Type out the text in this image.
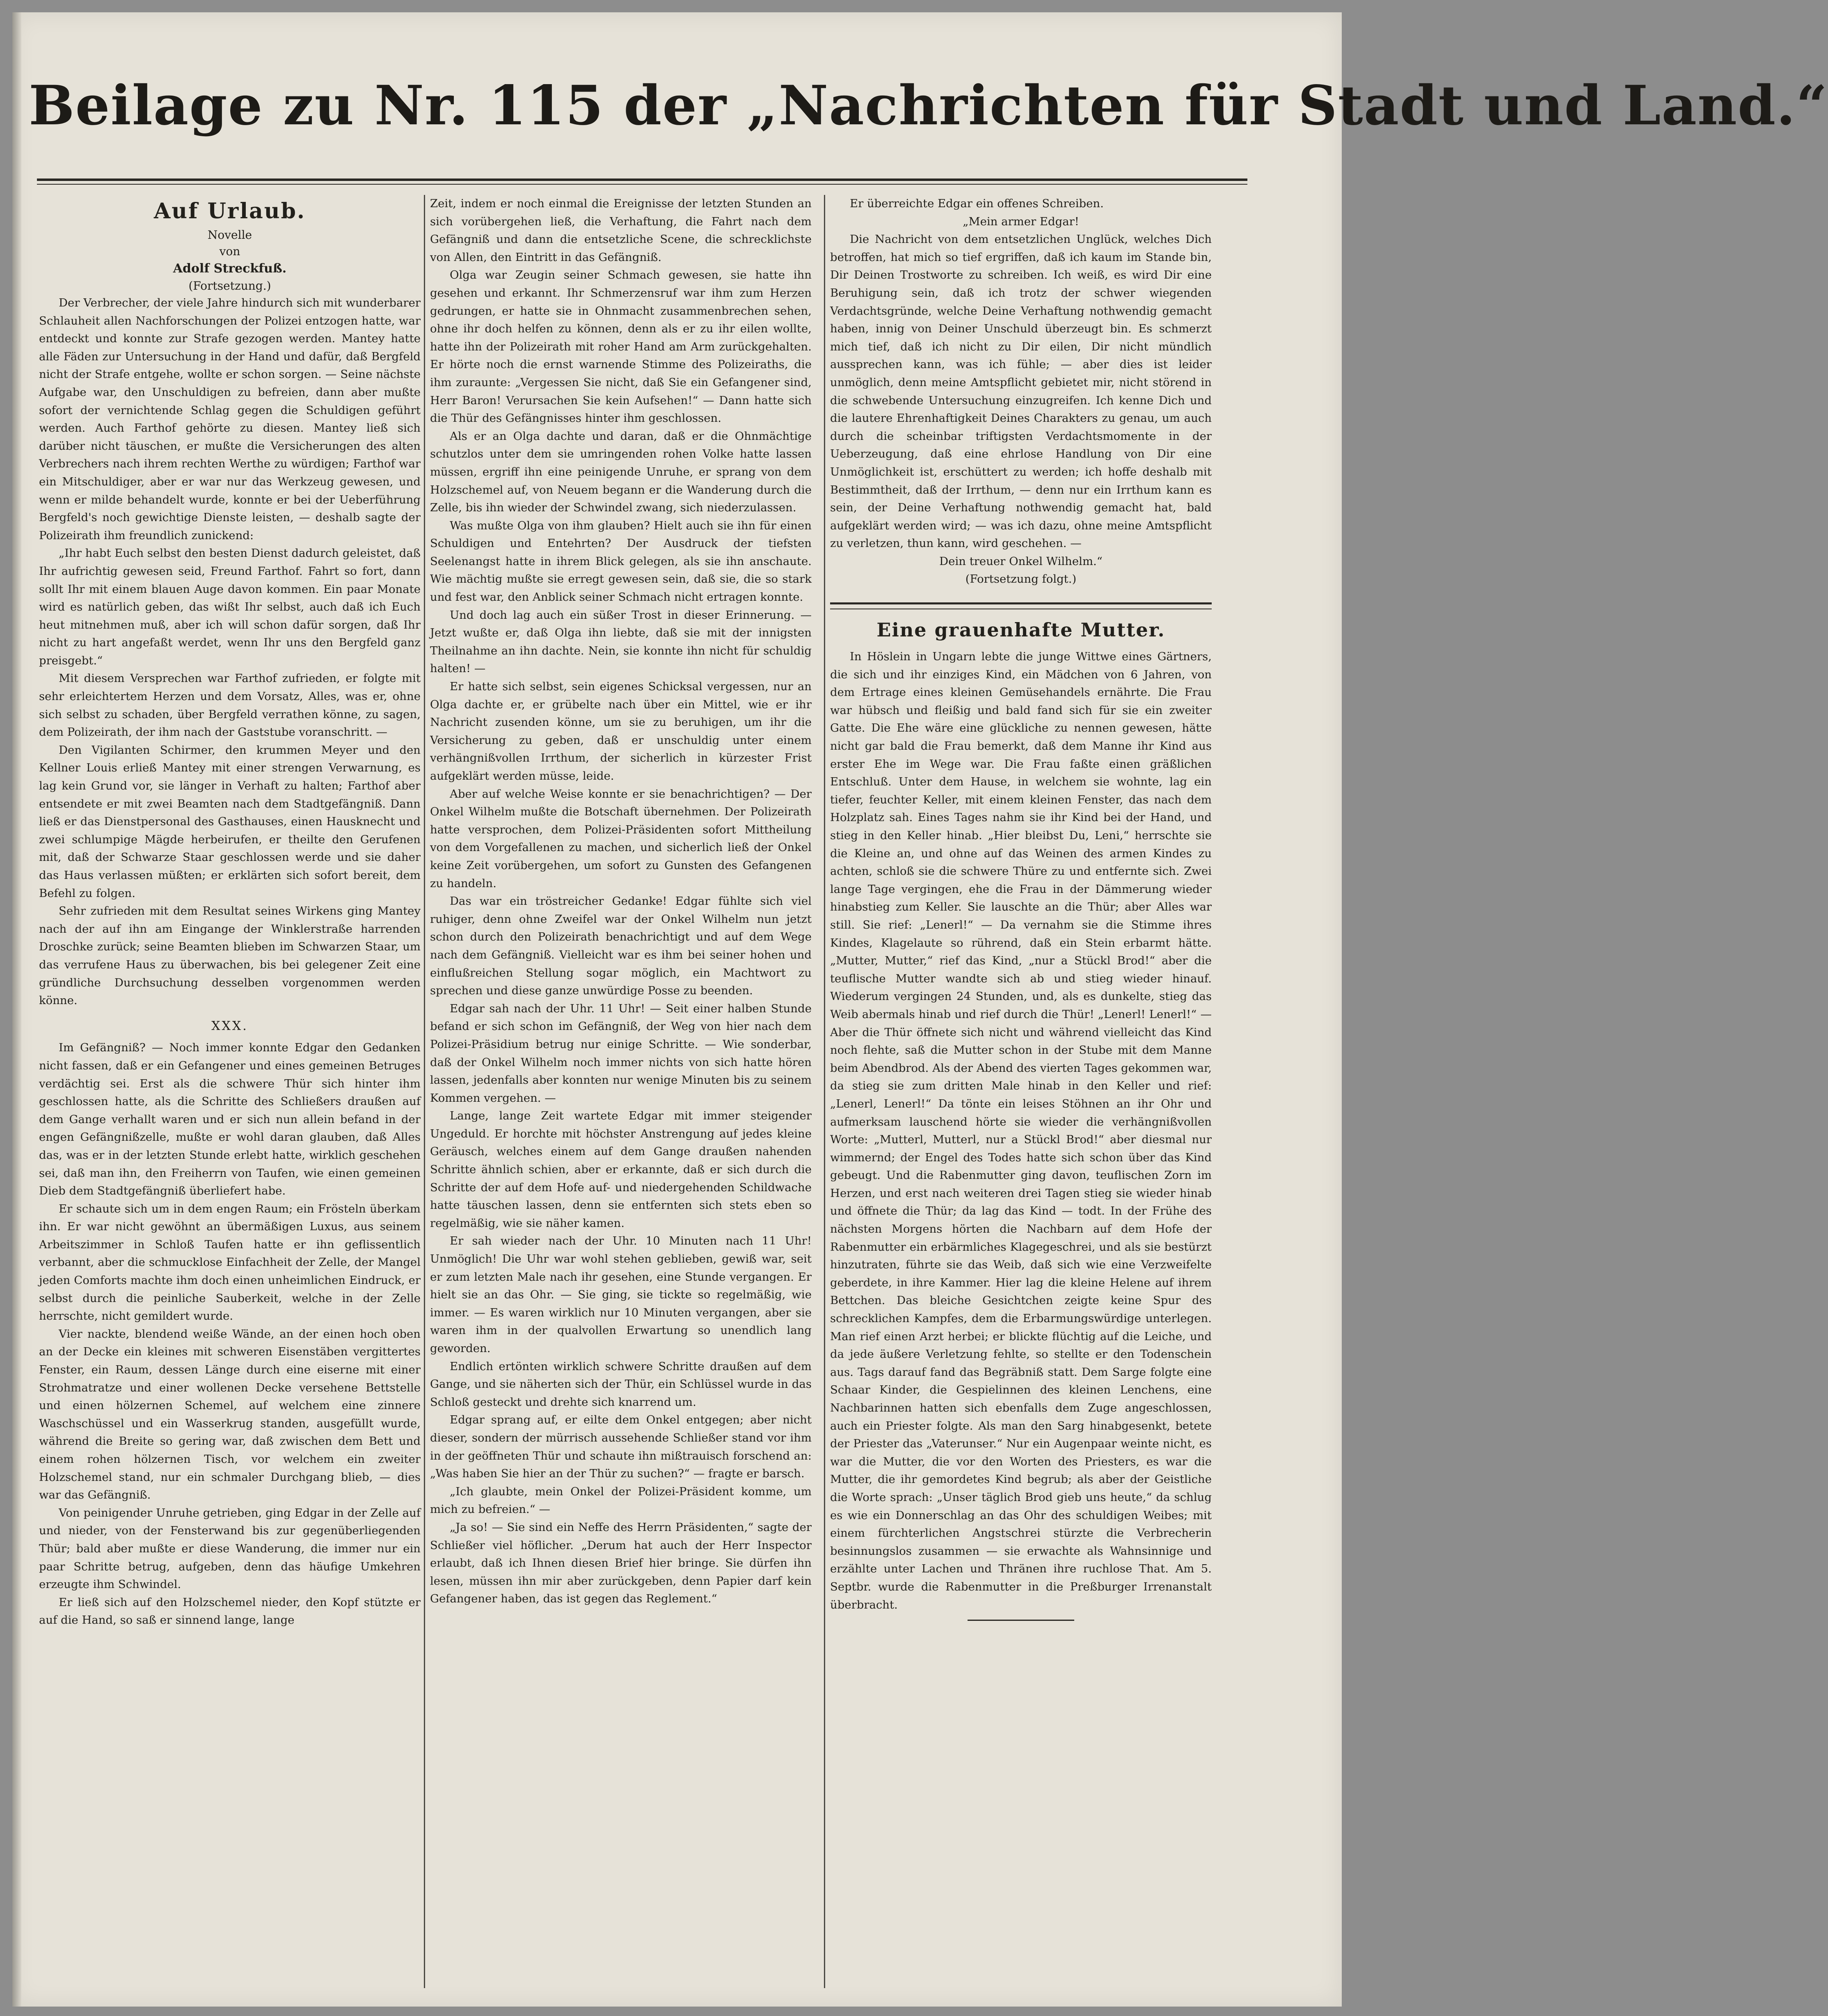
Beilage zu Nr. 115 der „Nachrichten für Stadt und Land.“
Auf Urlaub.
Novelle
von
Adolf Streckfuß.
(Fortsetzung.)

Der Verbrecher, der viele Jahre hindurch sich mit wunderbarer Schlauheit allen Nachforschungen der Polizei entzogen hatte, war entdeckt und konnte zur Strafe gezogen werden. Mantey hatte alle Fäden zur Untersuchung in der Hand und dafür, daß Bergfeld nicht der Strafe entgehe, wollte er schon sorgen. — Seine nächste Aufgabe war, den Unschuldigen zu befreien, dann aber mußte sofort der vernichtende Schlag gegen die Schuldigen geführt werden. Auch Farthof gehörte zu diesen. Mantey ließ sich darüber nicht täuschen, er mußte die Versicherungen des alten Verbrechers nach ihrem rechten Werthe zu würdigen; Farthof war ein Mitschuldiger, aber er war nur das Werkzeug gewesen, und wenn er milde behandelt wurde, konnte er bei der Ueberführung Bergfeld's noch gewichtige Dienste leisten, — deshalb sagte der Polizeirath ihm freundlich zunickend:

„Ihr habt Euch selbst den besten Dienst dadurch geleistet, daß Ihr aufrichtig gewesen seid, Freund Farthof. Fahrt so fort, dann sollt Ihr mit einem blauen Auge davon kommen. Ein paar Monate wird es natürlich geben, das wißt Ihr selbst, auch daß ich Euch heut mitnehmen muß, aber ich will schon dafür sorgen, daß Ihr nicht zu hart angefaßt werdet, wenn Ihr uns den Bergfeld ganz preisgebt.“

Mit diesem Versprechen war Farthof zufrieden, er folgte mit sehr erleichtertem Herzen und dem Vorsatz, Alles, was er, ohne sich selbst zu schaden, über Bergfeld verrathen könne, zu sagen, dem Polizeirath, der ihm nach der Gaststube voranschritt. —

Den Vigilanten Schirmer, den krummen Meyer und den Kellner Louis erließ Mantey mit einer strengen Verwarnung, es lag kein Grund vor, sie länger in Verhaft zu halten; Farthof aber entsendete er mit zwei Beamten nach dem Stadtgefängniß. Dann ließ er das Dienstpersonal des Gasthauses, einen Hausknecht und zwei schlumpige Mägde herbeirufen, er theilte den Gerufenen mit, daß der Schwarze Staar geschlossen werde und sie daher das Haus verlassen müßten; er erklärten sich sofort bereit, dem Befehl zu folgen.

Sehr zufrieden mit dem Resultat seines Wirkens ging Mantey nach der auf ihn am Eingange der Winklerstraße harrenden Droschke zurück; seine Beamten blieben im Schwarzen Staar, um das verrufene Haus zu überwachen, bis bei gelegener Zeit eine gründliche Durchsuchung desselben vorgenommen werden könne.

XXX.

Im Gefängniß? — Noch immer konnte Edgar den Gedanken nicht fassen, daß er ein Gefangener und eines gemeinen Betruges verdächtig sei. Erst als die schwere Thür sich hinter ihm geschlossen hatte, als die Schritte des Schließers draußen auf dem Gange verhallt waren und er sich nun allein befand in der engen Gefängnißzelle, mußte er wohl daran glauben, daß Alles das, was er in der letzten Stunde erlebt hatte, wirklich geschehen sei, daß man ihn, den Freiherrn von Taufen, wie einen gemeinen Dieb dem Stadtgefängniß überliefert habe.

Er schaute sich um in dem engen Raum; ein Frösteln überkam ihn. Er war nicht gewöhnt an übermäßigen Luxus, aus seinem Arbeitszimmer in Schloß Taufen hatte er ihn geflissentlich verbannt, aber die schmucklose Einfachheit der Zelle, der Mangel jeden Comforts machte ihm doch einen unheimlichen Eindruck, er selbst durch die peinliche Sauberkeit, welche in der Zelle herrschte, nicht gemildert wurde.

Vier nackte, blendend weiße Wände, an der einen hoch oben an der Decke ein kleines mit schweren Eisenstäben vergittertes Fenster, ein Raum, dessen Länge durch eine eiserne mit einer Strohmatratze und einer wollenen Decke versehene Bettstelle und einen hölzernen Schemel, auf welchem eine zinnere Waschschüssel und ein Wasserkrug standen, ausgefüllt wurde, während die Breite so gering war, daß zwischen dem Bett und einem rohen hölzernen Tisch, vor welchem ein zweiter Holzschemel stand, nur ein schmaler Durchgang blieb, — dies war das Gefängniß.

Von peinigender Unruhe getrieben, ging Edgar in der Zelle auf und nieder, von der Fensterwand bis zur gegenüberliegenden Thür; bald aber mußte er diese Wanderung, die immer nur ein paar Schritte betrug, aufgeben, denn das häufige Umkehren erzeugte ihm Schwindel.

Er ließ sich auf den Holzschemel nieder, den Kopf stützte er auf die Hand, so saß er sinnend lange, lange

Zeit, indem er noch einmal die Ereignisse der letzten Stunden an sich vorübergehen ließ, die Verhaftung, die Fahrt nach dem Gefängniß und dann die entsetzliche Scene, die schrecklichste von Allen, den Eintritt in das Gefängniß.

Olga war Zeugin seiner Schmach gewesen, sie hatte ihn gesehen und erkannt. Ihr Schmerzensruf war ihm zum Herzen gedrungen, er hatte sie in Ohnmacht zusammenbrechen sehen, ohne ihr doch helfen zu können, denn als er zu ihr eilen wollte, hatte ihn der Polizeirath mit roher Hand am Arm zurückgehalten. Er hörte noch die ernst warnende Stimme des Polizeiraths, die ihm zuraunte: „Vergessen Sie nicht, daß Sie ein Gefangener sind, Herr Baron! Verursachen Sie kein Aufsehen!“ — Dann hatte sich die Thür des Gefängnisses hinter ihm geschlossen.

Als er an Olga dachte und daran, daß er die Ohnmächtige schutzlos unter dem sie umringenden rohen Volke hatte lassen müssen, ergriff ihn eine peinigende Unruhe, er sprang von dem Holzschemel auf, von Neuem begann er die Wanderung durch die Zelle, bis ihn wieder der Schwindel zwang, sich niederzulassen.

Was mußte Olga von ihm glauben? Hielt auch sie ihn für einen Schuldigen und Entehrten? Der Ausdruck der tiefsten Seelenangst hatte in ihrem Blick gelegen, als sie ihn anschaute. Wie mächtig mußte sie erregt gewesen sein, daß sie, die so stark und fest war, den Anblick seiner Schmach nicht ertragen konnte.

Und doch lag auch ein süßer Trost in dieser Erinnerung. — Jetzt wußte er, daß Olga ihn liebte, daß sie mit der innigsten Theilnahme an ihn dachte. Nein, sie konnte ihn nicht für schuldig halten! —

Er hatte sich selbst, sein eigenes Schicksal vergessen, nur an Olga dachte er, er grübelte nach über ein Mittel, wie er ihr Nachricht zusenden könne, um sie zu beruhigen, um ihr die Versicherung zu geben, daß er unschuldig unter einem verhängnißvollen Irrthum, der sicherlich in kürzester Frist aufgeklärt werden müsse, leide.

Aber auf welche Weise konnte er sie benachrichtigen? — Der Onkel Wilhelm mußte die Botschaft übernehmen. Der Polizeirath hatte versprochen, dem Polizei-Präsidenten sofort Mittheilung von dem Vorgefallenen zu machen, und sicherlich ließ der Onkel keine Zeit vorübergehen, um sofort zu Gunsten des Gefangenen zu handeln.

Das war ein tröstreicher Gedanke! Edgar fühlte sich viel ruhiger, denn ohne Zweifel war der Onkel Wilhelm nun jetzt schon durch den Polizeirath benachrichtigt und auf dem Wege nach dem Gefängniß. Vielleicht war es ihm bei seiner hohen und einflußreichen Stellung sogar möglich, ein Machtwort zu sprechen und diese ganze unwürdige Posse zu beenden.

Edgar sah nach der Uhr. 11 Uhr! — Seit einer halben Stunde befand er sich schon im Gefängniß, der Weg von hier nach dem Polizei-Präsidium betrug nur einige Schritte. — Wie sonderbar, daß der Onkel Wilhelm noch immer nichts von sich hatte hören lassen, jedenfalls aber konnten nur wenige Minuten bis zu seinem Kommen vergehen. —

Lange, lange Zeit wartete Edgar mit immer steigender Ungeduld. Er horchte mit höchster Anstrengung auf jedes kleine Geräusch, welches einem auf dem Gange draußen nahenden Schritte ähnlich schien, aber er erkannte, daß er sich durch die Schritte der auf dem Hofe auf- und niedergehenden Schildwache hatte täuschen lassen, denn sie entfernten sich stets eben so regelmäßig, wie sie näher kamen.

Er sah wieder nach der Uhr. 10 Minuten nach 11 Uhr! Unmöglich! Die Uhr war wohl stehen geblieben, gewiß war, seit er zum letzten Male nach ihr gesehen, eine Stunde vergangen. Er hielt sie an das Ohr. — Sie ging, sie tickte so regelmäßig, wie immer. — Es waren wirklich nur 10 Minuten vergangen, aber sie waren ihm in der qualvollen Erwartung so unendlich lang geworden.

Endlich ertönten wirklich schwere Schritte draußen auf dem Gange, und sie näherten sich der Thür, ein Schlüssel wurde in das Schloß gesteckt und drehte sich knarrend um.

Edgar sprang auf, er eilte dem Onkel entgegen; aber nicht dieser, sondern der mürrisch aussehende Schließer stand vor ihm in der geöffneten Thür und schaute ihn mißtrauisch forschend an: „Was haben Sie hier an der Thür zu suchen?“ — fragte er barsch.

„Ich glaubte, mein Onkel der Polizei-Präsident komme, um mich zu befreien.“ —

„Ja so! — Sie sind ein Neffe des Herrn Präsidenten,“ sagte der Schließer viel höflicher. „Derum hat auch der Herr Inspector erlaubt, daß ich Ihnen diesen Brief hier bringe. Sie dürfen ihn lesen, müssen ihn mir aber zurückgeben, denn Papier darf kein Gefangener haben, das ist gegen das Reglement.“

Er überreichte Edgar ein offenes Schreiben.

„Mein armer Edgar!

Die Nachricht von dem entsetzlichen Unglück, welches Dich betroffen, hat mich so tief ergriffen, daß ich kaum im Stande bin, Dir Deinen Trostworte zu schreiben. Ich weiß, es wird Dir eine Beruhigung sein, daß ich trotz der schwer wiegenden Verdachtsgründe, welche Deine Verhaftung nothwendig gemacht haben, innig von Deiner Unschuld überzeugt bin. Es schmerzt mich tief, daß ich nicht zu Dir eilen, Dir nicht mündlich aussprechen kann, was ich fühle; — aber dies ist leider unmöglich, denn meine Amtspflicht gebietet mir, nicht störend in die schwebende Untersuchung einzugreifen. Ich kenne Dich und die lautere Ehrenhaftigkeit Deines Charakters zu genau, um auch durch die scheinbar triftigsten Verdachtsmomente in der Ueberzeugung, daß eine ehrlose Handlung von Dir eine Unmöglichkeit ist, erschüttert zu werden; ich hoffe deshalb mit Bestimmtheit, daß der Irrthum, — denn nur ein Irrthum kann es sein, der Deine Verhaftung nothwendig gemacht hat, bald aufgeklärt werden wird; — was ich dazu, ohne meine Amtspflicht zu verletzen, thun kann, wird geschehen. —

Dein treuer Onkel Wilhelm.“

(Fortsetzung folgt.)

Eine grauenhafte Mutter.

In Höslein in Ungarn lebte die junge Wittwe eines Gärtners, die sich und ihr einziges Kind, ein Mädchen von 6 Jahren, von dem Ertrage eines kleinen Gemüsehandels ernährte. Die Frau war hübsch und fleißig und bald fand sich für sie ein zweiter Gatte. Die Ehe wäre eine glückliche zu nennen gewesen, hätte nicht gar bald die Frau bemerkt, daß dem Manne ihr Kind aus erster Ehe im Wege war. Die Frau faßte einen gräßlichen Entschluß. Unter dem Hause, in welchem sie wohnte, lag ein tiefer, feuchter Keller, mit einem kleinen Fenster, das nach dem Holzplatz sah. Eines Tages nahm sie ihr Kind bei der Hand, und stieg in den Keller hinab. „Hier bleibst Du, Leni,“ herrschte sie die Kleine an, und ohne auf das Weinen des armen Kindes zu achten, schloß sie die schwere Thüre zu und entfernte sich. Zwei lange Tage vergingen, ehe die Frau in der Dämmerung wieder hinabstieg zum Keller. Sie lauschte an die Thür; aber Alles war still. Sie rief: „Lenerl!“ — Da vernahm sie die Stimme ihres Kindes, Klagelaute so rührend, daß ein Stein erbarmt hätte. „Mutter, Mutter,“ rief das Kind, „nur a Stückl Brod!“ aber die teuflische Mutter wandte sich ab und stieg wieder hinauf. Wiederum vergingen 24 Stunden, und, als es dunkelte, stieg das Weib abermals hinab und rief durch die Thür! „Lenerl! Lenerl!“ — Aber die Thür öffnete sich nicht und während vielleicht das Kind noch flehte, saß die Mutter schon in der Stube mit dem Manne beim Abendbrod. Als der Abend des vierten Tages gekommen war, da stieg sie zum dritten Male hinab in den Keller und rief: „Lenerl, Lenerl!“ Da tönte ein leises Stöhnen an ihr Ohr und aufmerksam lauschend hörte sie wieder die verhängnißvollen Worte: „Mutterl, Mutterl, nur a Stückl Brod!“ aber diesmal nur wimmernd; der Engel des Todes hatte sich schon über das Kind gebeugt. Und die Rabenmutter ging davon, teuflischen Zorn im Herzen, und erst nach weiteren drei Tagen stieg sie wieder hinab und öffnete die Thür; da lag das Kind — todt. In der Frühe des nächsten Morgens hörten die Nachbarn auf dem Hofe der Rabenmutter ein erbärmliches Klagegeschrei, und als sie bestürzt hinzutraten, führte sie das Weib, daß sich wie eine Verzweifelte geberdete, in ihre Kammer. Hier lag die kleine Helene auf ihrem Bettchen. Das bleiche Gesichtchen zeigte keine Spur des schrecklichen Kampfes, dem die Erbarmungswürdige unterlegen. Man rief einen Arzt herbei; er blickte flüchtig auf die Leiche, und da jede äußere Verletzung fehlte, so stellte er den Todenschein aus. Tags darauf fand das Begräbniß statt. Dem Sarge folgte eine Schaar Kinder, die Gespielinnen des kleinen Lenchens, eine Nachbarinnen hatten sich ebenfalls dem Zuge angeschlossen, auch ein Priester folgte. Als man den Sarg hinabgesenkt, betete der Priester das „Vaterunser.“ Nur ein Augenpaar weinte nicht, es war die Mutter, die vor den Worten des Priesters, es war die Mutter, die ihr gemordetes Kind begrub; als aber der Geistliche die Worte sprach: „Unser täglich Brod gieb uns heute,“ da schlug es wie ein Donnerschlag an das Ohr des schuldigen Weibes; mit einem fürchterlichen Angstschrei stürzte die Verbrecherin besinnungslos zusammen — sie erwachte als Wahnsinnige und erzählte unter Lachen und Thränen ihre ruchlose That. Am 5. Septbr. wurde die Rabenmutter in die Preßburger Irrenanstalt überbracht.
